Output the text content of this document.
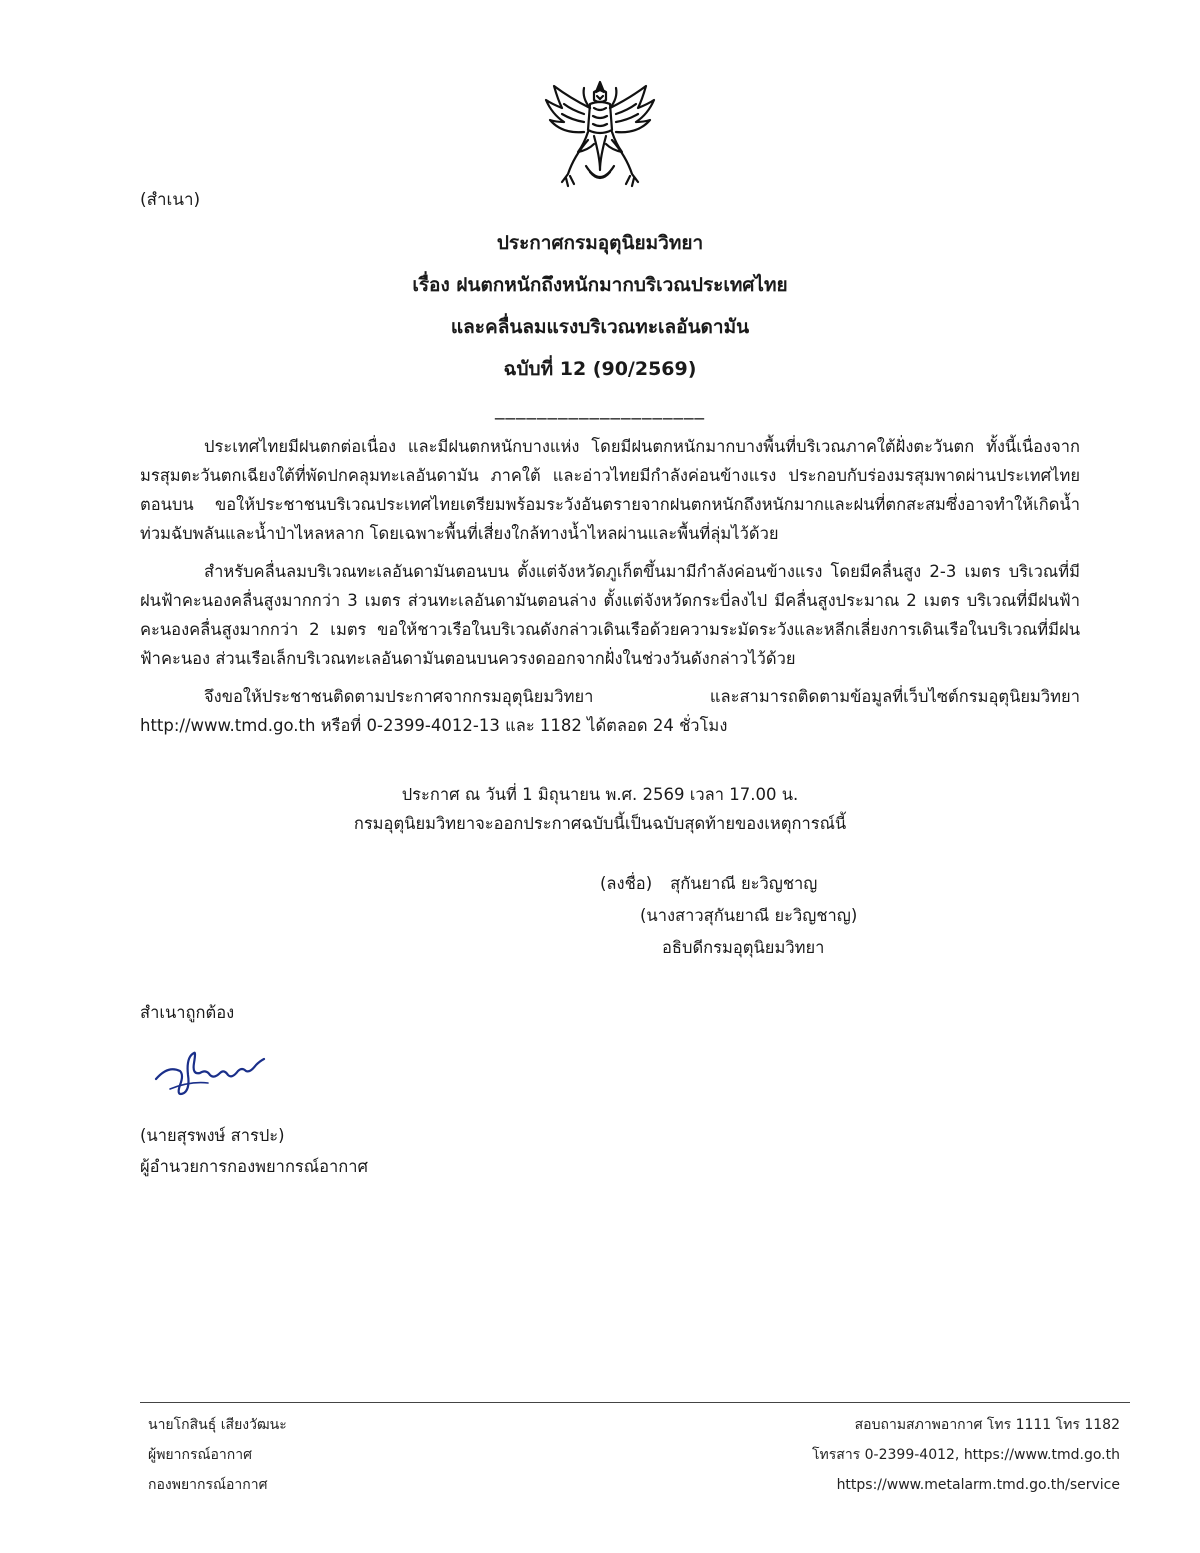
(สำเนา)
ประกาศกรมอุตุนิยมวิทยา
เรื่อง ฝนตกหนักถึงหนักมากบริเวณประเทศไทย
และคลื่นลมแรงบริเวณทะเลอันดามัน
ฉบับที่ 12 (90/2569)
____________________

ประเทศไทยมีฝนตกต่อเนื่อง และมีฝนตกหนักบางแห่ง โดยมีฝนตกหนักมากบางพื้นที่บริเวณภาคใต้ฝั่งตะวันตก ทั้งนี้เนื่องจากมรสุมตะวันตกเฉียงใต้ที่พัดปกคลุมทะเลอันดามัน ภาคใต้ และอ่าวไทยมีกำลังค่อนข้างแรง ประกอบกับร่องมรสุมพาดผ่านประเทศไทยตอนบน ขอให้ประชาชนบริเวณประเทศไทยเตรียมพร้อมระวังอันตรายจากฝนตกหนักถึงหนักมากและฝนที่ตกสะสมซึ่งอาจทำให้เกิดน้ำท่วมฉับพลันและน้ำป่าไหลหลาก โดยเฉพาะพื้นที่เสี่ยงใกล้ทางน้ำไหลผ่านและพื้นที่ลุ่มไว้ด้วย

สำหรับคลื่นลมบริเวณทะเลอันดามันตอนบน ตั้งแต่จังหวัดภูเก็ตขึ้นมามีกำลังค่อนข้างแรง โดยมีคลื่นสูง 2-3 เมตร บริเวณที่มีฝนฟ้าคะนองคลื่นสูงมากกว่า 3 เมตร ส่วนทะเลอันดามันตอนล่าง ตั้งแต่จังหวัดกระบี่ลงไป มีคลื่นสูงประมาณ 2 เมตร บริเวณที่มีฝนฟ้าคะนองคลื่นสูงมากกว่า 2 เมตร ขอให้ชาวเรือในบริเวณดังกล่าวเดินเรือด้วยความระมัดระวังและหลีกเลี่ยงการเดินเรือในบริเวณที่มีฝนฟ้าคะนอง ส่วนเรือเล็กบริเวณทะเลอันดามันตอนบนควรงดออกจากฝั่งในช่วงวันดังกล่าวไว้ด้วย

จึงขอให้ประชาชนติดตามประกาศจากกรมอุตุนิยมวิทยา และสามารถติดตามข้อมูลที่เว็บไซต์กรมอุตุนิยมวิทยา http://www.tmd.go.th หรือที่ 0-2399-4012-13 และ 1182 ได้ตลอด 24 ชั่วโมง

ประกาศ ณ วันที่ 1 มิถุนายน พ.ศ. 2569 เวลา 17.00 น.
กรมอุตุนิยมวิทยาจะออกประกาศฉบับนี้เป็นฉบับสุดท้ายของเหตุการณ์นี้
(ลงชื่อ) สุกันยาณี ยะวิญชาญ
(นางสาวสุกันยาณี ยะวิญชาญ)
อธิบดีกรมอุตุนิยมวิทยา
สำเนาถูกต้อง
(นายสุรพงษ์ สารปะ)
ผู้อำนวยการกองพยากรณ์อากาศ
นายโกสินธุ์ เสียงวัฒนะ
ผู้พยากรณ์อากาศ
กองพยากรณ์อากาศ
สอบถามสภาพอากาศ โทร 1111 โทร 1182
โทรสาร 0-2399-4012, https://www.tmd.go.th
https://www.metalarm.tmd.go.th/service
